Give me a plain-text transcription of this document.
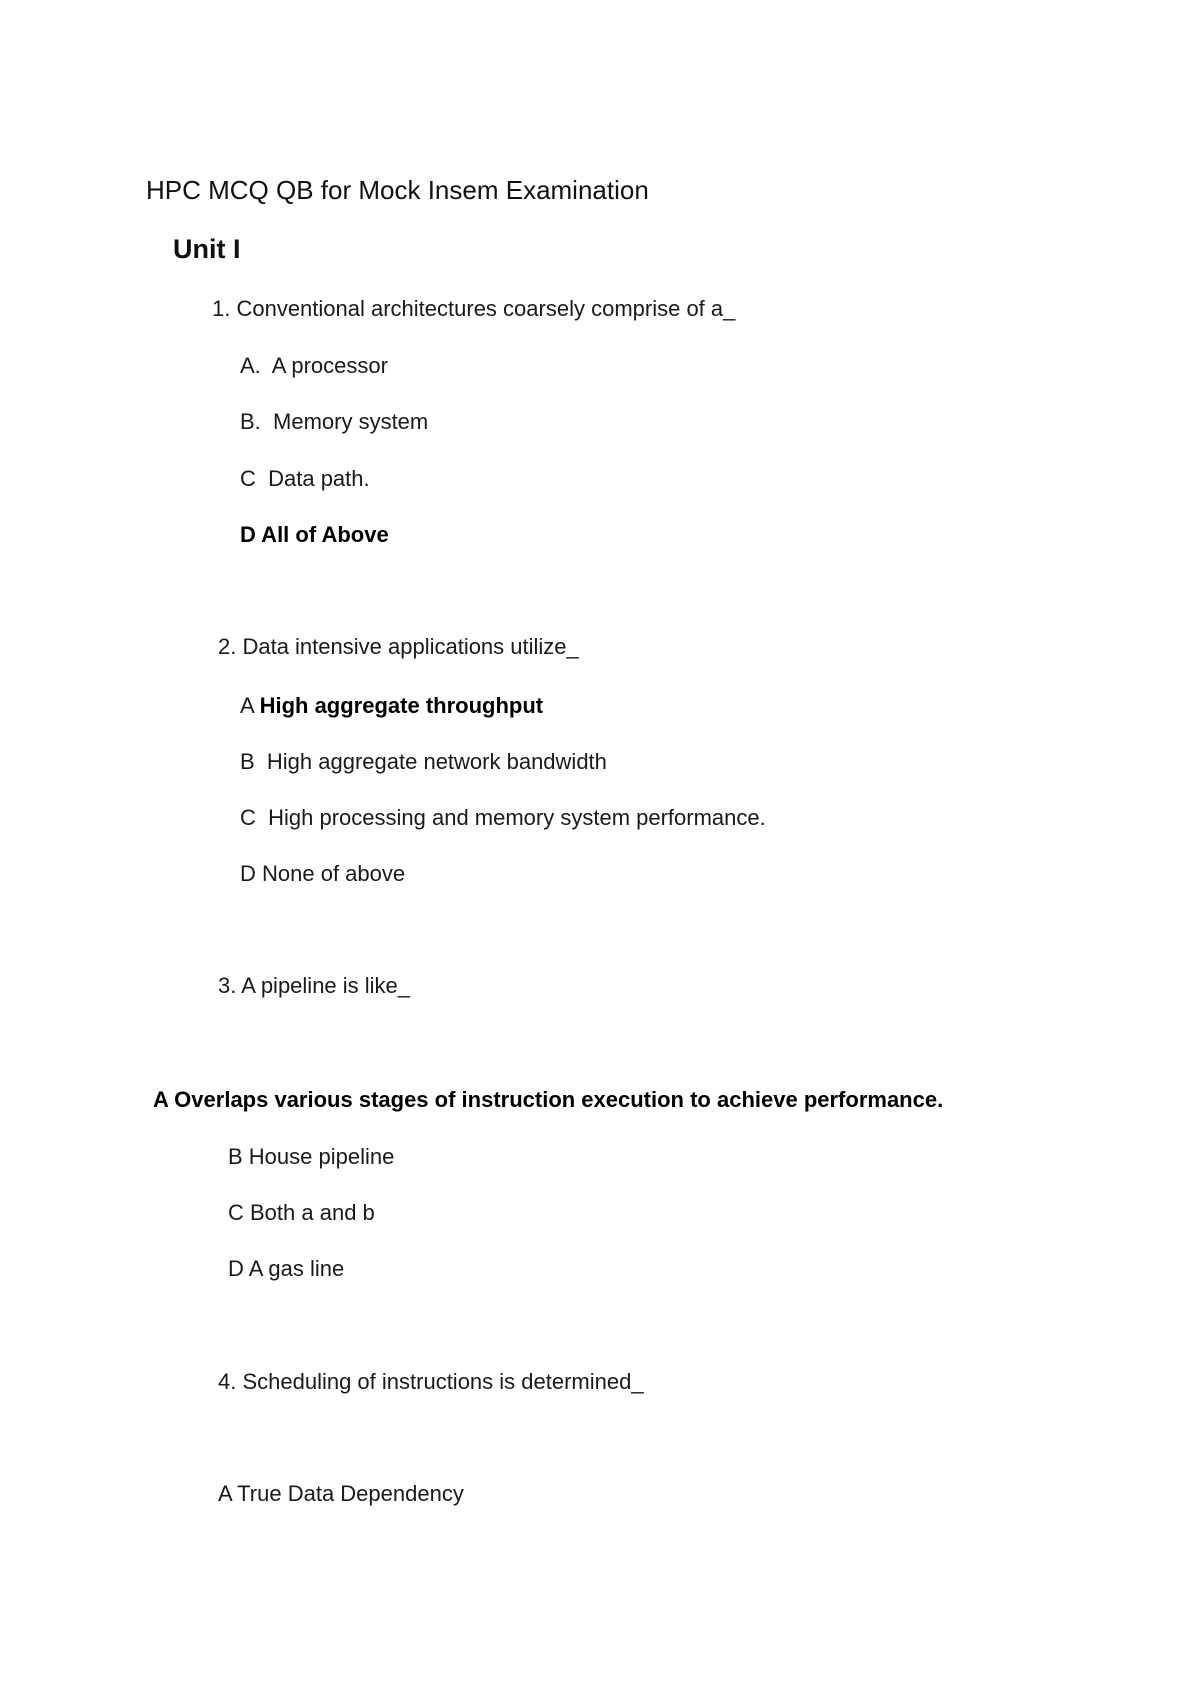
HPC MCQ QB for Mock Insem Examination
Unit I
1. Conventional architectures coarsely comprise of a_
A.  A processor
B.  Memory system
C  Data path.
D All of Above
2. Data intensive applications utilize_
A High aggregate throughput
B  High aggregate network bandwidth
C  High processing and memory system performance.
D None of above
3. A pipeline is like_
A Overlaps various stages of instruction execution to achieve performance.
B House pipeline
C Both a and b
D A gas line
4. Scheduling of instructions is determined_
A True Data Dependency
